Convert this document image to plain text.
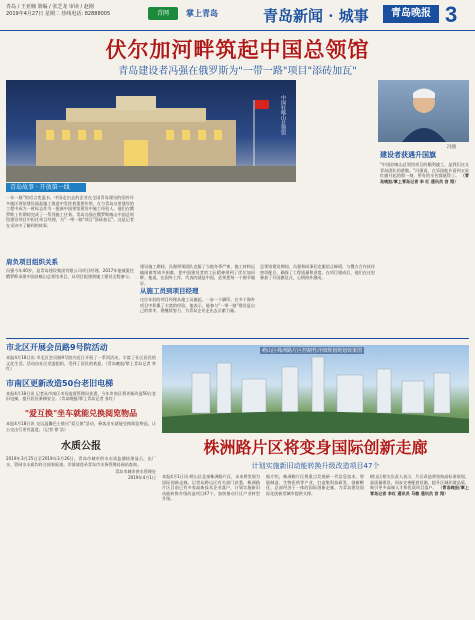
青岛 / 王亚楠 策编 / 张芝龙 审读 / 赵刚
2019年4月27日 星期二 热线电话: 82888005	青网	掌上青岛	青岛新闻 · 城事	青岛晚报 3
伏尔加河畔筑起中国总领馆
青岛建设者冯强在俄罗斯为"一带一路"项目"添砖加瓦"
中国驻喀山总领馆
冯强
建设者获遇升国旗
"中国驻喀山总领馆项目的顺利竣工，是我们这支青岛团队的骄傲。"冯强说，在异国他乡看到五星红旗升起的那一刻，所有的辛苦都值得了。 （青岛晚报/掌上青岛记者 李 红 通讯员 宫 翔）
青岛故事 · 开放第一线
一年一路"的语言变温水，中国走出去的企业在全国青岛建设的国外许多地区领馆建设面起施工推进中发挥着重要作用，在与青岛这里建设的工程中成为一时标志作为一批新中国领馆建设中施工经验人，他们在俄罗斯工作期间完成了一系列施工任务。青岛冯强在俄罗斯喀山中国总领馆建设项目中担任项目经理，为"一带一路"项目"添砖加瓦"。这是记者在采访中了解到的故事。
肩负项目组织关系
冯强今年40岁，是青岛建设集团有限公司项目经理。2017年他被派往俄罗斯承建中国驻喀山总领馆项目，从项目组建到施工建设全程参与。
建设施工期间，冯强带领团队克服了当地冬季严寒、施工材料运输困难等诸多困难，把中国建设者的工匠精神带到了伏尔加河畔。他说，在国外工作，代表的就是中国，必须把每一个细节做好。
从施工员到项目经理
这位年轻的项目经理从施工员做起，一步一个脚印，在多个海外项目中积累了丰富的经验。他表示，能参与"一带一路"建设是自己的荣幸，将继续努力，为青岛企业走出去贡献力量。
总领馆建设期间，冯强和同事们克服语言障碍，与俄方合作伙伴密切配合，确保了工程质量和进度。在项目建成后，他们在这里参加了升国旗仪式，心情格外激动。
市北区开展会员路9号院活动
本报4月18日讯 市北区会员路9号院内近日开展了一系列活动，丰富了社区居民的文化生活。活动由社区党委组织，受到了居民的欢迎。（青岛晚报/掌上青岛记者 李红）
市南区更新改造50台老旧电梯
本报4月18日讯 记者从市南区市场监督管理局获悉，今年市南区将更新改造50台老旧电梯，提升居民乘梯安全。（青岛晚报/掌上青岛记者 张红）
"爱互换"坐车就能兑换阅览物品
本报4月18日讯 交运温馨巴士推出"爱互换"活动，乘客坐车就能兑换阅览物品，让公交出行更有温度。（记者 徐 浩）
水质公报
2019年3月25日至2019年3月26日，青岛市城市供水水质监测结果显示，出厂水、管网水水质均符合国家标准。详情请登录青岛市水务管理局网站查询。
青岛市城市供水管理处
2019年4月1日
崂山区株洲路片区控制性详细规划规划效果图
株洲路片区将变身国际创新走廊
计划实施新旧动能转换升级改造项目47个
本报4月1日讯 崂山区北部株洲路片区，未来将发展为国际创新走廊。记者从崂山区有关部门获悉，株洲路片区目前已有多家高新技术企业落户，计划实施新旧动能转换升级改造项目47个，加快推动片区产业转型升级。
据介绍，株洲路片区将重点发展新一代信息技术、智能制造、生物医药等产业，打造集科技研发、创新孵化、总部经济于一体的国际创新走廊，为青岛建设国际化创新型城市提供支撑。
崂山区相关负责人表示，片区改造将坚持高标准规划、高质量建设，同步完善配套设施，提升区域环境品质，吸引更多高端人才和优质项目落户。 （青岛晚报/掌上青岛记者 李红 通讯员 马敏 通讯员 宫 翔）
